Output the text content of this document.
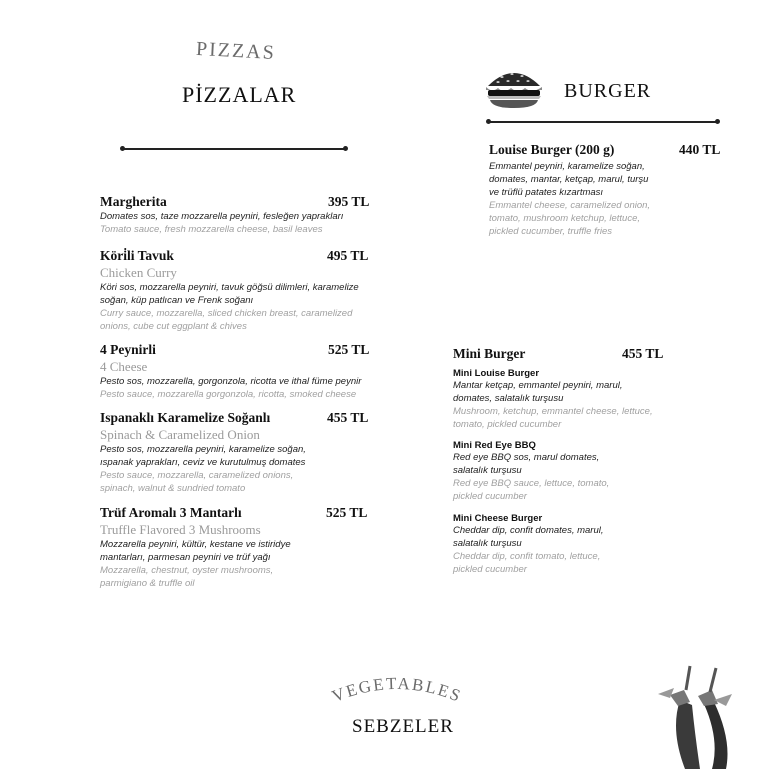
PIZZAS
PİZZALAR
Margherita
Domates sos, taze mozzarella peyniri, fesleğen yaprakları
Tomato sauce, fresh mozzarella cheese, basil leaves
395 TL
Köri̇li Tavuk
Chicken Curry
Köri sos, mozzarella peyniri, tavuk göğsü dilimleri, karamelize soğan, küp patlıcan ve Frenk soğanı
Curry sauce, mozzarella, sliced chicken breast, caramelized onions, cube cut eggplant & chives
495 TL
4 Peynirli
4 Cheese
Pesto sos, mozzarella, gorgonzola, ricotta ve ithal füme peynir
Pesto sauce, mozzarella gorgonzola, ricotta, smoked cheese
525 TL
Ispanaklı Karamelize Soğanlı
Spinach & Caramelized Onion
Pesto sos, mozzarella peyniri, karamelize soğan, ıspanak yaprakları, ceviz ve kurutulmuş domates
Pesto sauce, mozzarella, caramelized onions, spinach, walnut & sundried tomato
455 TL
Trüf Aromalı 3 Mantarlı
Truffle Flavored 3 Mushrooms
Mozzarella peyniri, kültür, kestane ve istiridye mantarları, parmesan peyniri ve trüf yağı
Mozzarella, chestnut, oyster mushrooms, parmigiano & truffle oil
525 TL
BURGER
Louise Burger (200 g)
Emmantel peyniri, karamelize soğan, domates, mantar, ketçap, marul, turşu ve trüflü patates kızartması
Emmantel cheese, caramelized onion, tomato, mushroom ketchup, lettuce, pickled cucumber, truffle fries
440 TL
Mini Burger	455 TL
Mini Louise Burger
Mantar ketçap, emmantel peyniri, marul, domates, salatalık turşusu
Mushroom, ketchup, emmantel cheese, lettuce, tomato, pickled cucumber
Mini Red Eye BBQ
Red eye BBQ sos, marul domates, salatalık turşusu
Red eye BBQ sauce, lettuce, tomato, pickled cucumber
Mini Cheese Burger
Cheddar dip, confit domates, marul, salatalık turşusu
Cheddar dip, confit tomato, lettuce, pickled cucumber
VEGETABLES
SEBZELER
